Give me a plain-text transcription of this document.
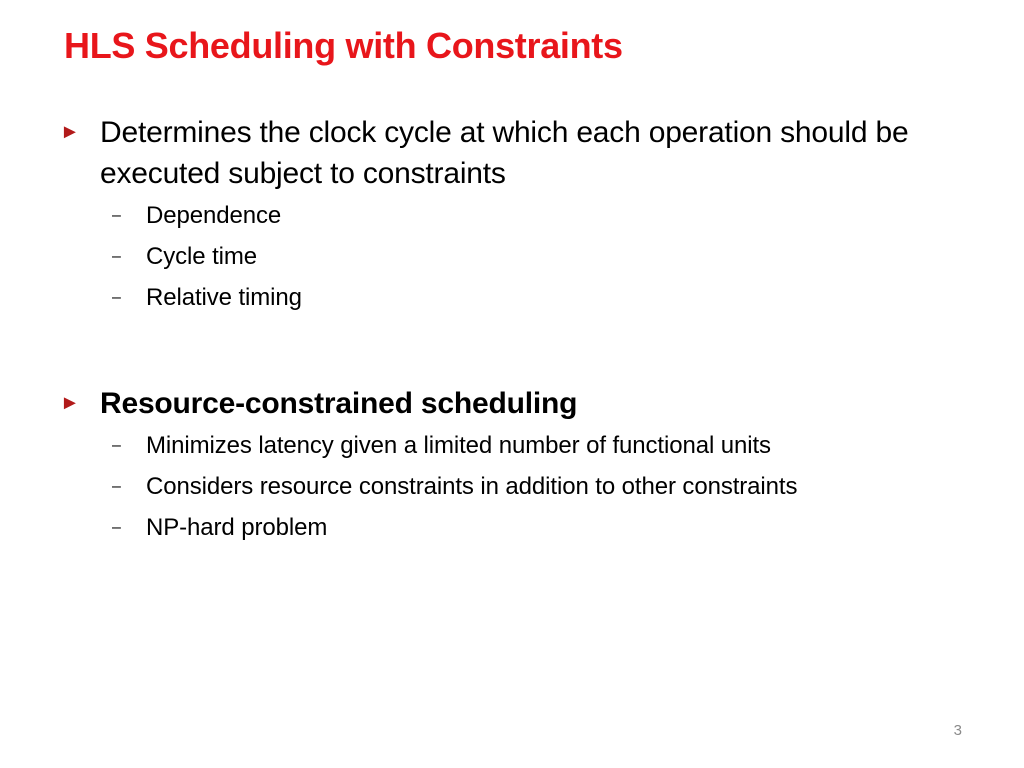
HLS Scheduling with Constraints
► Determines the clock cycle at which each operation should be executed subject to constraints
– Dependence
– Cycle time
– Relative timing
► Resource-constrained scheduling
– Minimizes latency given a limited number of functional units
– Considers resource constraints in addition to other constraints
– NP-hard problem
3
